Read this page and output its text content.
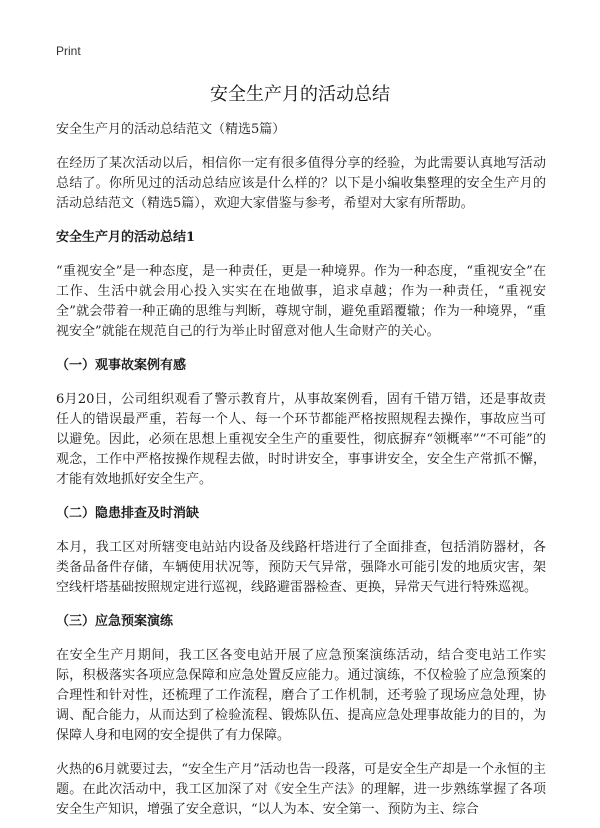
Print
安全生产月的活动总结
安全生产月的活动总结范文（精选5篇）

在经历了某次活动以后，相信你一定有很多值得分享的经验，为此需要认真地写活动总结了。你所见过的活动总结应该是什么样的？以下是小编收集整理的安全生产月的活动总结范文（精选5篇），欢迎大家借鉴与参考，希望对大家有所帮助。

安全生产月的活动总结1

“重视安全”是一种态度，是一种责任，更是一种境界。作为一种态度，“重视安全”在工作、生活中就会用心投入实实在在地做事，追求卓越；作为一种责任，“重视安全”就会带着一种正确的思维与判断，尊规守制，避免重蹈覆辙；作为一种境界，“重视安全”就能在规范自己的行为举止时留意对他人生命财产的关心。

（一）观事故案例有感

6月20日，公司组织观看了警示教育片，从事故案例看，固有千错万错，还是事故责任人的错误最严重，若每一个人、每一个环节都能严格按照规程去操作，事故应当可以避免。因此，必须在思想上重视安全生产的重要性，彻底摒弃“领概率”“不可能”的观念，工作中严格按操作规程去做，时时讲安全，事事讲安全，安全生产常抓不懈，才能有效地抓好安全生产。

（二）隐患排查及时消缺

本月，我工区对所辖变电站站内设备及线路杆塔进行了全面排查，包括消防器材，各类备品备件存储，车辆使用状况等，预防天气异常，强降水可能引发的地质灾害，架空线杆塔基础按照规定进行巡视，线路避雷器检查、更换，异常天气进行特殊巡视。

（三）应急预案演练

在安全生产月期间，我工区各变电站开展了应急预案演练活动，结合变电站工作实际，积极落实各项应急保障和应急处置反应能力。通过演练，不仅检验了应急预案的合理性和针对性，还梳理了工作流程，磨合了工作机制，还考验了现场应急处理，协调、配合能力，从而达到了检验流程、锻炼队伍、提高应急处理事故能力的目的，为保障人身和电网的安全提供了有力保障。

火热的6月就要过去，“安全生产月”活动也告一段落，可是安全生产却是一个永恒的主题。在此次活动中，我工区加深了对《安全生产法》的理解，进一步熟练掌握了各项安全生产知识，增强了安全意识，“以人为本、安全第一、预防为主、综合
